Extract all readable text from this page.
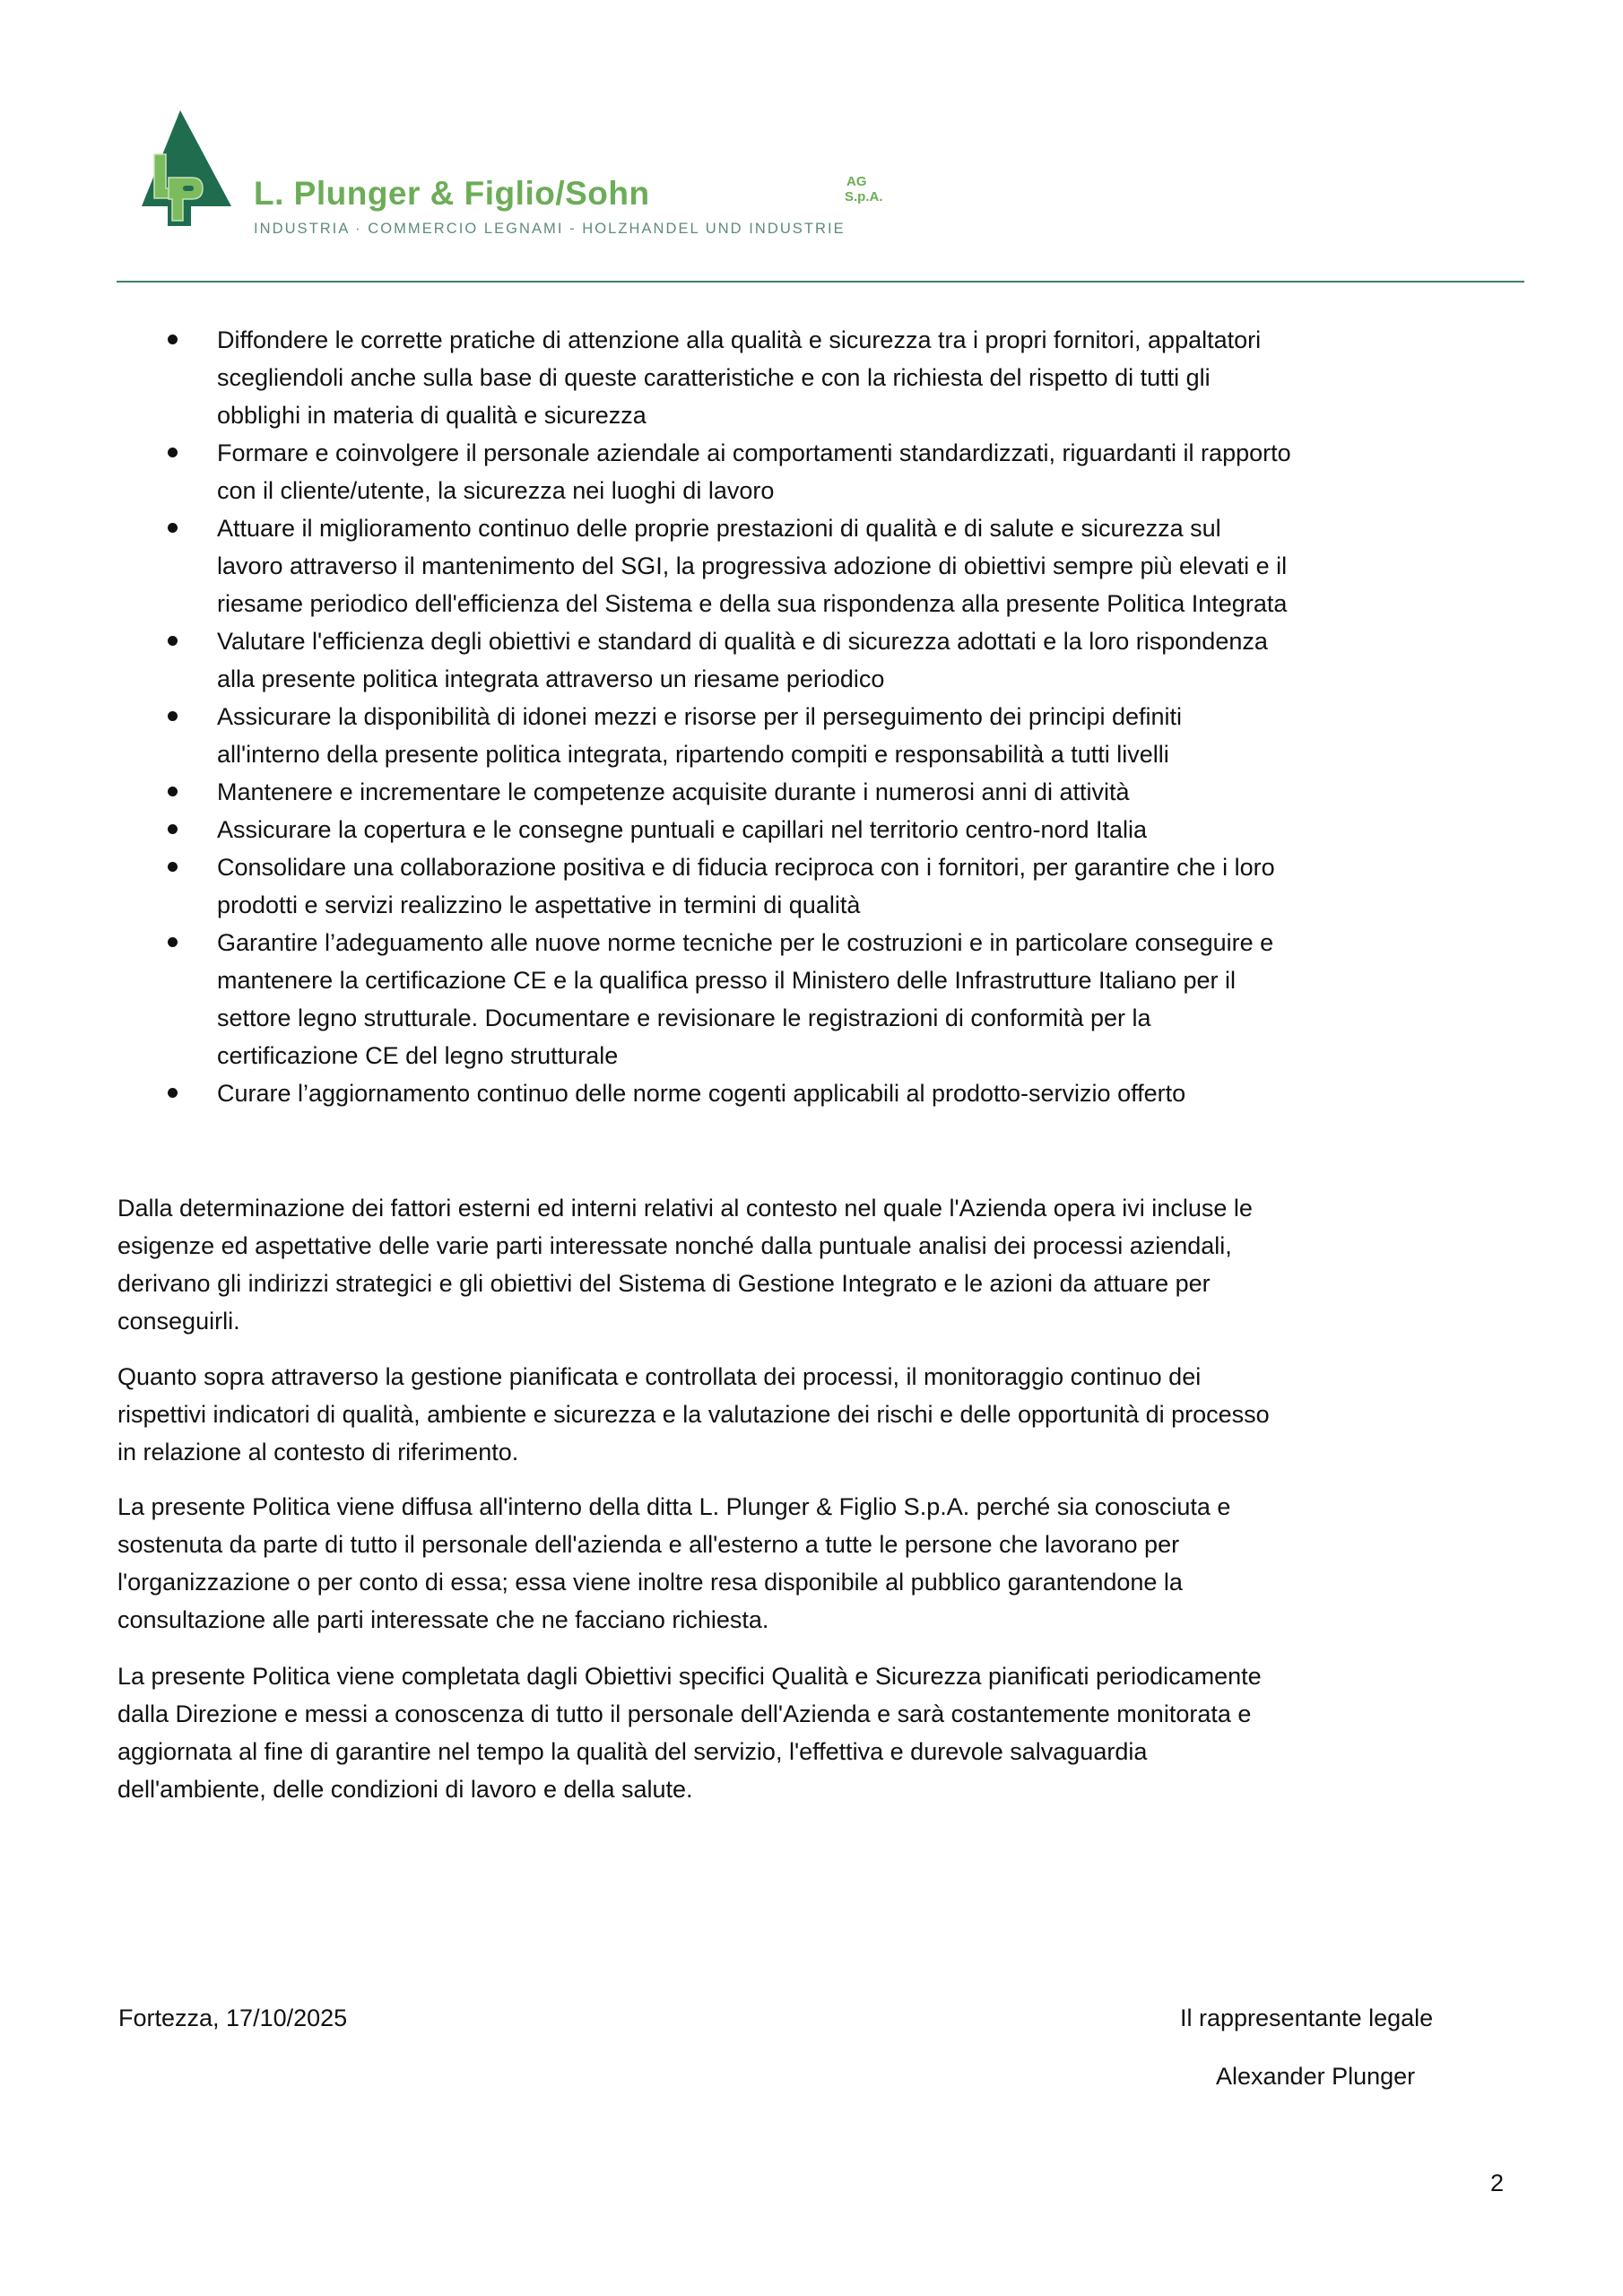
L. Plunger & Figlio/Sohn	AG
S.p.A.
INDUSTRIA · COMMERCIO LEGNAMI - HOLZHANDEL UND INDUSTRIE
Diffondere le corrette pratiche di attenzione alla qualità e sicurezza tra i propri fornitori, appaltatori
scegliendoli anche sulla base di queste caratteristiche e con la richiesta del rispetto di tutti gli
obblighi in materia di qualità e sicurezza
Formare e coinvolgere il personale aziendale ai comportamenti standardizzati, riguardanti il rapporto
con il cliente/utente, la sicurezza nei luoghi di lavoro
Attuare il miglioramento continuo delle proprie prestazioni di qualità e di salute e sicurezza sul
lavoro attraverso il mantenimento del SGI, la progressiva adozione di obiettivi sempre più elevati e il
riesame periodico dell'efficienza del Sistema e della sua rispondenza alla presente Politica Integrata
Valutare l'efficienza degli obiettivi e standard di qualità e di sicurezza adottati e la loro rispondenza
alla presente politica integrata attraverso un riesame periodico
Assicurare la disponibilità di idonei mezzi e risorse per il perseguimento dei principi definiti
all'interno della presente politica integrata, ripartendo compiti e responsabilità a tutti livelli
Mantenere e incrementare le competenze acquisite durante i numerosi anni di attività
Assicurare la copertura e le consegne puntuali e capillari nel territorio centro-nord Italia
Consolidare una collaborazione positiva e di fiducia reciproca con i fornitori, per garantire che i loro
prodotti e servizi realizzino le aspettative in termini di qualità
Garantire l’adeguamento alle nuove norme tecniche per le costruzioni e in particolare conseguire e
mantenere la certificazione CE e la qualifica presso il Ministero delle Infrastrutture Italiano per il
settore legno strutturale. Documentare e revisionare le registrazioni di conformità per la
certificazione CE del legno strutturale
Curare l’aggiornamento continuo delle norme cogenti applicabili al prodotto-servizio offerto
Dalla determinazione dei fattori esterni ed interni relativi al contesto nel quale l'Azienda opera ivi incluse le
esigenze ed aspettative delle varie parti interessate nonché dalla puntuale analisi dei processi aziendali,
derivano gli indirizzi strategici e gli obiettivi del Sistema di Gestione Integrato e le azioni da attuare per
conseguirli.
Quanto sopra attraverso la gestione pianificata e controllata dei processi, il monitoraggio continuo dei
rispettivi indicatori di qualità, ambiente e sicurezza e la valutazione dei rischi e delle opportunità di processo
in relazione al contesto di riferimento.
La presente Politica viene diffusa all'interno della ditta L. Plunger & Figlio S.p.A. perché sia conosciuta e
sostenuta da parte di tutto il personale dell'azienda e all'esterno a tutte le persone che lavorano per
l'organizzazione o per conto di essa; essa viene inoltre resa disponibile al pubblico garantendone la
consultazione alle parti interessate che ne facciano richiesta.
La presente Politica viene completata dagli Obiettivi specifici Qualità e Sicurezza pianificati periodicamente
dalla Direzione e messi a conoscenza di tutto il personale dell'Azienda e sarà costantemente monitorata e
aggiornata al fine di garantire nel tempo la qualità del servizio, l'effettiva e durevole salvaguardia
dell'ambiente, delle condizioni di lavoro e della salute.
Fortezza, 17/10/2025	Il rappresentante legale
Alexander Plunger
2
